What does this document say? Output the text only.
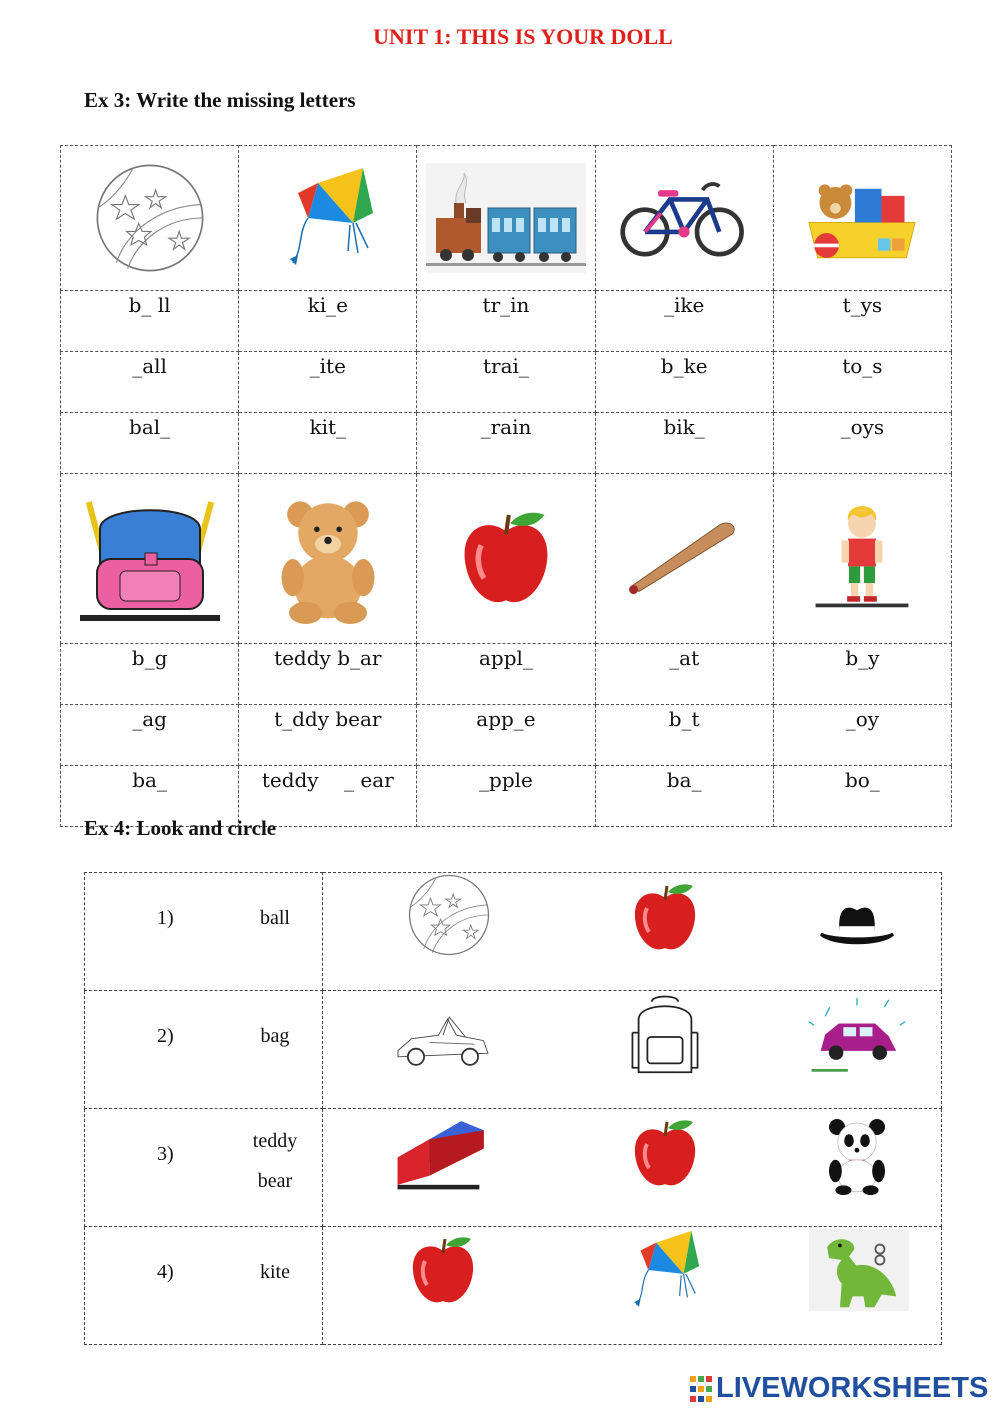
UNIT 1: THIS IS YOUR DOLL
Ex 3: Write the missing letters

b_ ll	ki_e	tr_in	_ike	t_ys
_all	_ite	trai_	b_ke	to_s
bal_	kit_	_rain	bik_	_oys

b_g	teddy b_ar	appl_	_at	b_y
_ag	t_ddy bear	app_e	b_t	_oy
ba_	teddy    _ ear	_pple	ba_	bo_
Ex 4: Look and circle
1) ball

2) bag

3)
teddy
bear

4) kite

LIVEWORKSHEETS
